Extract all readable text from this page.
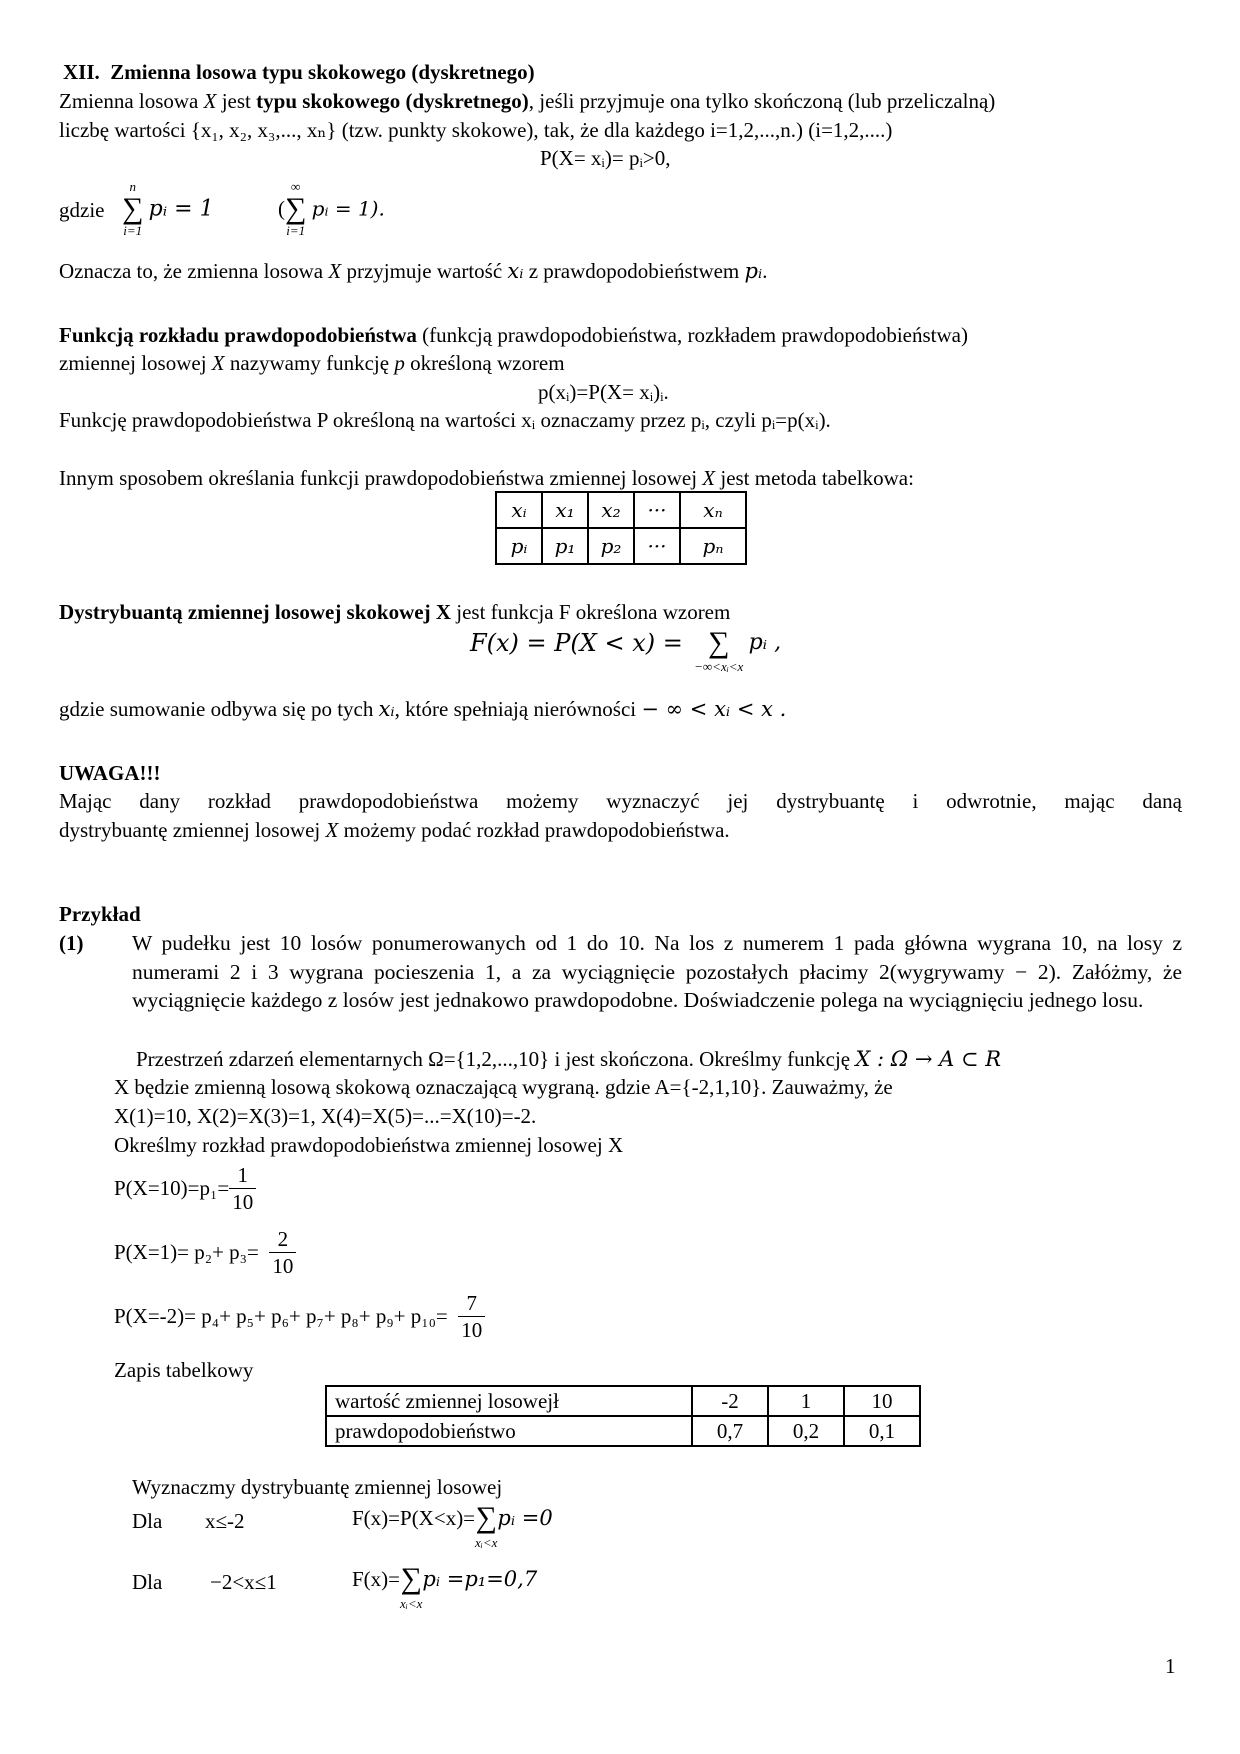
XII. Zmienna losowa typu skokowego (dyskretnego)
Zmienna losowa X jest typu skokowego (dyskretnego), jeśli przyjmuje ona tylko skończoną (lub przeliczalną)
liczbę wartości {x₁, x₂, x₃,..., xₙ} (tzw. punkty skokowe), tak, że dla każdego i=1,2,...,n.) (i=1,2,....)
P(X= xᵢ)= pᵢ>0,
gdzie
n
∑
i=1
pᵢ = 1	(
∞
∑
i=1
pᵢ = 1).
Oznacza to, że zmienna losowa X przyjmuje wartość xᵢ z prawdopodobieństwem pᵢ.
Funkcją rozkładu prawdopodobieństwa (funkcją prawdopodobieństwa, rozkładem prawdopodobieństwa)
zmiennej losowej X nazywamy funkcję p określoną wzorem
p(xᵢ)=P(X= xᵢ)ᵢ.
Funkcję prawdopodobieństwa P określoną na wartości xᵢ oznaczamy przez pᵢ, czyli pᵢ=p(xᵢ).
Innym sposobem określania funkcji prawdopodobieństwa zmiennej losowej X jest metoda tabelkowa:
xᵢ	x₁	x₂	···	xₙ
pᵢ	p₁	p₂	···	pₙ
Dystrybuantą zmiennej losowej skokowej X jest funkcja F określona wzorem
F(x) = P(X < x) = ∑
−∞<xᵢ<x
pᵢ ,
gdzie sumowanie odbywa się po tych xᵢ, które spełniają nierówności − ∞ < xᵢ < x .
UWAGA!!!
Mając dany rozkład prawdopodobieństwa możemy wyznaczyć jej dystrybuantę i odwrotnie, mając daną
dystrybuantę zmiennej losowej X możemy podać rozkład prawdopodobieństwa.
Przykład
(1) W pudełku jest 10 losów ponumerowanych od 1 do 10. Na los z numerem 1 pada główna wygrana 10, na losy z numerami 2 i 3 wygrana pocieszenia 1, a za wyciągnięcie pozostałych płacimy 2(wygrywamy − 2). Załóżmy, że wyciągnięcie każdego z losów jest jednakowo prawdopodobne. Doświadczenie polega na wyciągnięciu jednego losu.
Przestrzeń zdarzeń elementarnych Ω={1,2,...,10} i jest skończona. Określmy funkcję X : Ω → A ⊂ R
X będzie zmienną losową skokową oznaczającą wygraną. gdzie A={-2,1,10}. Zauważmy, że
X(1)=10, X(2)=X(3)=1, X(4)=X(5)=...=X(10)=-2.
Określmy rozkład prawdopodobieństwa zmiennej losowej X
$P(X=10)=p_1= \frac{1}{10}$
$P(X=1)= p_2+ p_3= \frac{2}{10}$
$P(X=-2)= p_4+ p_5+ p_6+ p_7+ p_8+ p_9+ p_{10}= \frac{7}{10}$
Zapis tabelkowy
wartość zmiennej losowejł	-2	1	10
prawdopodobieństwo	0,7	0,2	0,1
Wyznaczmy dystrybuantę zmiennej losowej
Dla x≤-2	F(x)=P(X<x)= ∑
xᵢ<x
pᵢ =0
Dla −2<x≤1	F(x)= ∑
xᵢ<x
pᵢ =p₁=0,7
1
